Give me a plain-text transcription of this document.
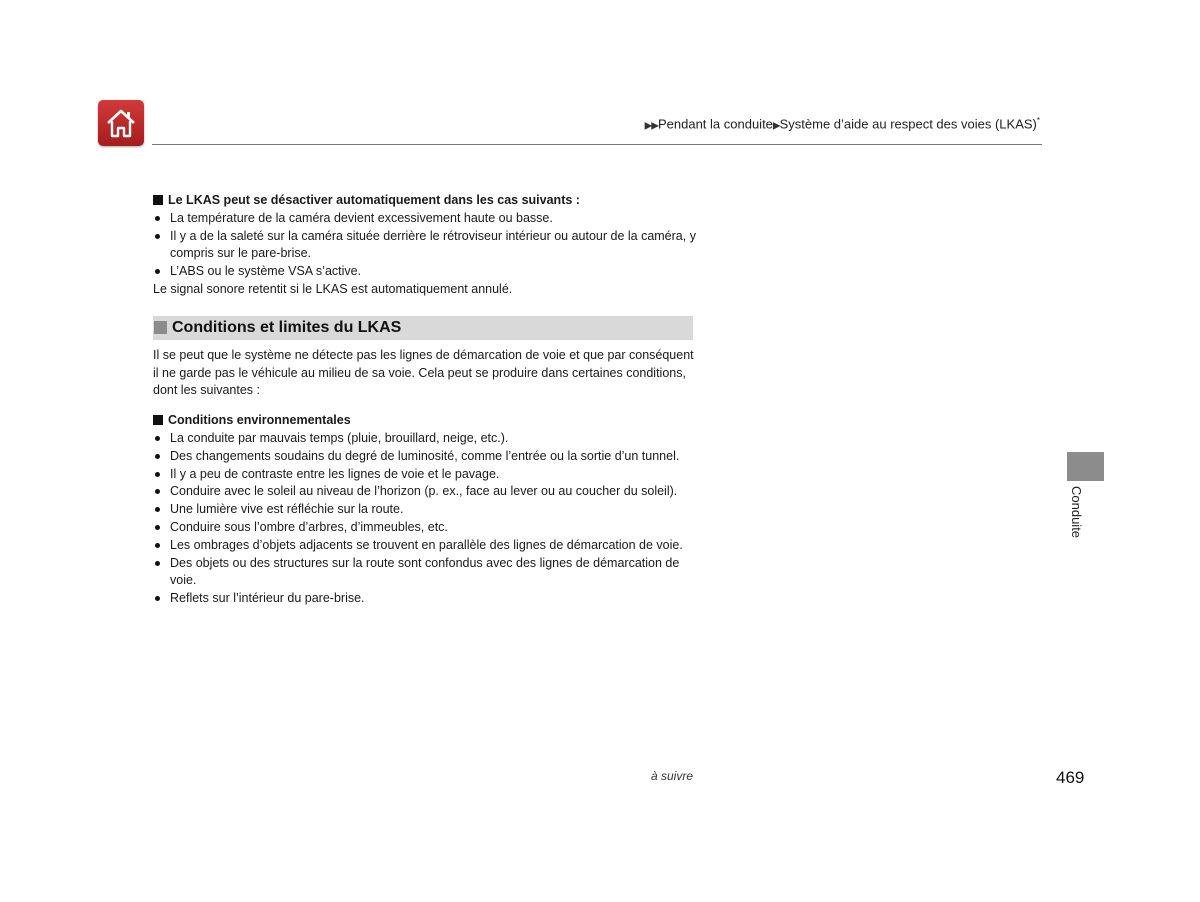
▶▶Pendant la conduite▶Système d’aide au respect des voies (LKAS)*

Le LKAS peut se désactiver automatiquement dans les cas suivants :

La température de la caméra devient excessivement haute ou basse.
Il y a de la saleté sur la caméra située derrière le rétroviseur intérieur ou autour de la caméra, y compris sur le pare-brise.
L’ABS ou le système VSA s’active.

Le signal sonore retentit si le LKAS est automatiquement annulé.

Conditions et limites du LKAS

Il se peut que le système ne détecte pas les lignes de démarcation de voie et que par conséquent il ne garde pas le véhicule au milieu de sa voie. Cela peut se produire dans certaines conditions, dont les suivantes :

Conditions environnementales

La conduite par mauvais temps (pluie, brouillard, neige, etc.).
Des changements soudains du degré de luminosité, comme l’entrée ou la sortie d’un tunnel.
Il y a peu de contraste entre les lignes de voie et le pavage.
Conduire avec le soleil au niveau de l’horizon (p. ex., face au lever ou au coucher du soleil).
Une lumière vive est réfléchie sur la route.
Conduire sous l’ombre d’arbres, d’immeubles, etc.
Les ombrages d’objets adjacents se trouvent en parallèle des lignes de démarcation de voie.
Des objets ou des structures sur la route sont confondus avec des lignes de démarcation de voie.
Reflets sur l’intérieur du pare-brise.
Conduite
à suivre	469
